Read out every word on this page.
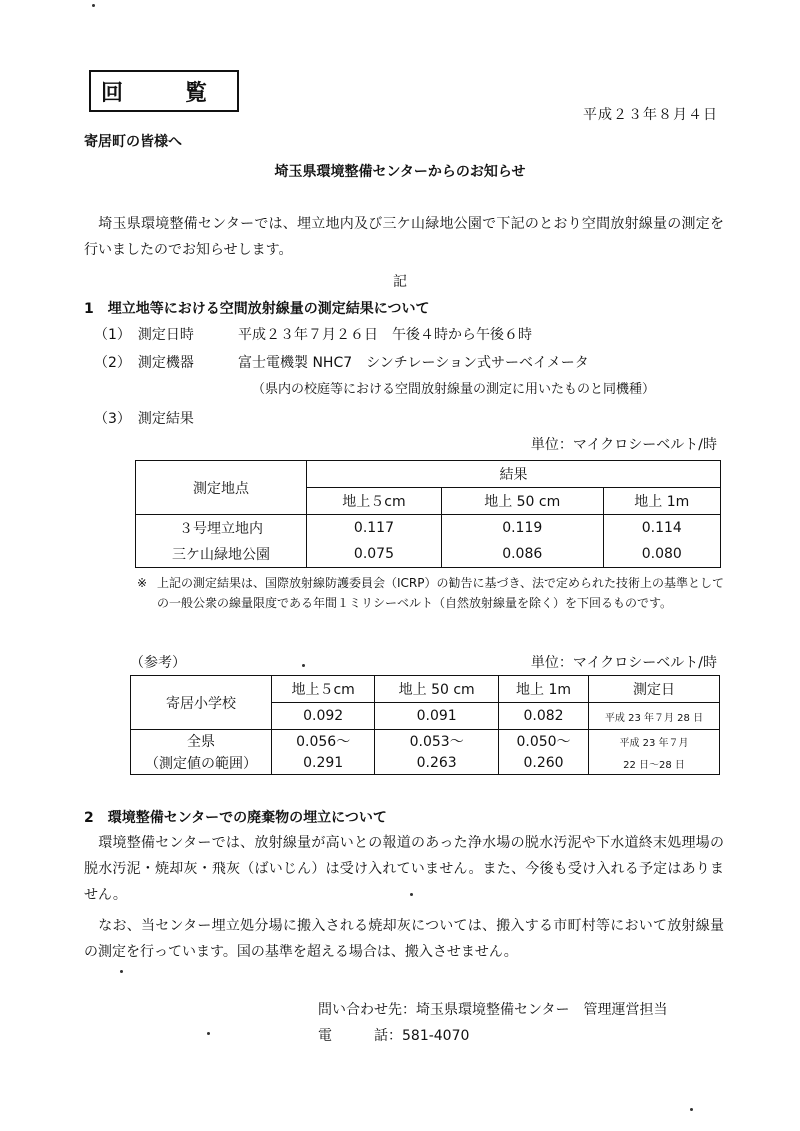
回　覧
平成２３年８月４日
寄居町の皆様へ
埼玉県環境整備センターからのお知らせ
埼玉県環境整備センターでは、埋立地内及び三ケ山緑地公園で下記のとおり空間放射線量の測定を行いましたのでお知らせします。
記
1　埋立地等における空間放射線量の測定結果について
（1）　測定日時	平成２３年７月２６日　午後４時から午後６時
（2）　測定機器	富士電機製 NHC7　シンチレーション式サーベイメータ
（県内の校庭等における空間放射線量の測定に用いたものと同機種）
（3）　測定結果
単位：マイクロシーベルト/時
測定地点	結果		
	地上５cm	地上 50 cm	地上 1m
３号埋立地内	0.117	0.119	0.114
三ケ山緑地公園	0.075	0.086	0.080
※ 上記の測定結果は、国際放射線防護委員会（ICRP）の勧告に基づき、法で定められた技術上の基準としての一般公衆の線量限度である年間１ミリシーベルト（自然放射線量を除く）を下回るものです。
（参考）	単位：マイクロシーベルト/時
寄居小学校	地上５cm	地上 50 cm	地上 1m	測定日
	0.092	0.091	0.082	平成 23 年７月 28 日
全県	0.056～	0.053～	0.050～	平成 23 年７月
（測定値の範囲）	0.291	0.263	0.260	22 日～28 日
2　環境整備センターでの廃棄物の埋立について
環境整備センターでは、放射線量が高いとの報道のあった浄水場の脱水汚泥や下水道終末処理場の脱水汚泥・焼却灰・飛灰（ばいじん）は受け入れていません。また、今後も受け入れる予定はありません。
なお、当センター埋立処分場に搬入される焼却灰については、搬入する市町村等において放射線量の測定を行っています。国の基準を超える場合は、搬入させません。
問い合わせ先：埼玉県環境整備センター　管理運営担当
電　　　話：581-4070
